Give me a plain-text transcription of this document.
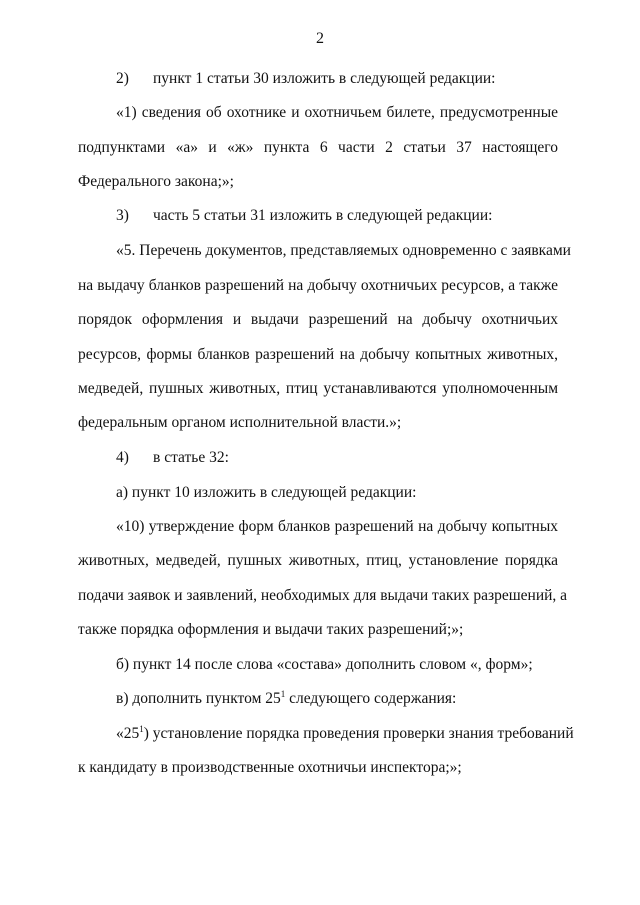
2
2) пункт 1 статьи 30 изложить в следующей редакции:
«1) сведения об охотнике и охотничьем билете, предусмотренные
подпунктами «а» и «ж» пункта 6 части 2 статьи 37 настоящего
Федерального закона;»;
3) часть 5 статьи 31 изложить в следующей редакции:
«5. Перечень документов, представляемых одновременно с заявками
на выдачу бланков разрешений на добычу охотничьих ресурсов, а также
порядок оформления и выдачи разрешений на добычу охотничьих
ресурсов, формы бланков разрешений на добычу копытных животных,
медведей, пушных животных, птиц устанавливаются уполномоченным
федеральным органом исполнительной власти.»;
4) в статье 32:
а) пункт 10 изложить в следующей редакции:
«10) утверждение форм бланков разрешений на добычу копытных
животных, медведей, пушных животных, птиц, установление порядка
подачи заявок и заявлений, необходимых для выдачи таких разрешений, а
также порядка оформления и выдачи таких разрешений;»;
б) пункт 14 после слова «состава» дополнить словом «, форм»;
в) дополнить пунктом $25^1$ следующего содержания:
«$25^1$) установление порядка проведения проверки знания требований
к кандидату в производственные охотничьи инспектора;»;
